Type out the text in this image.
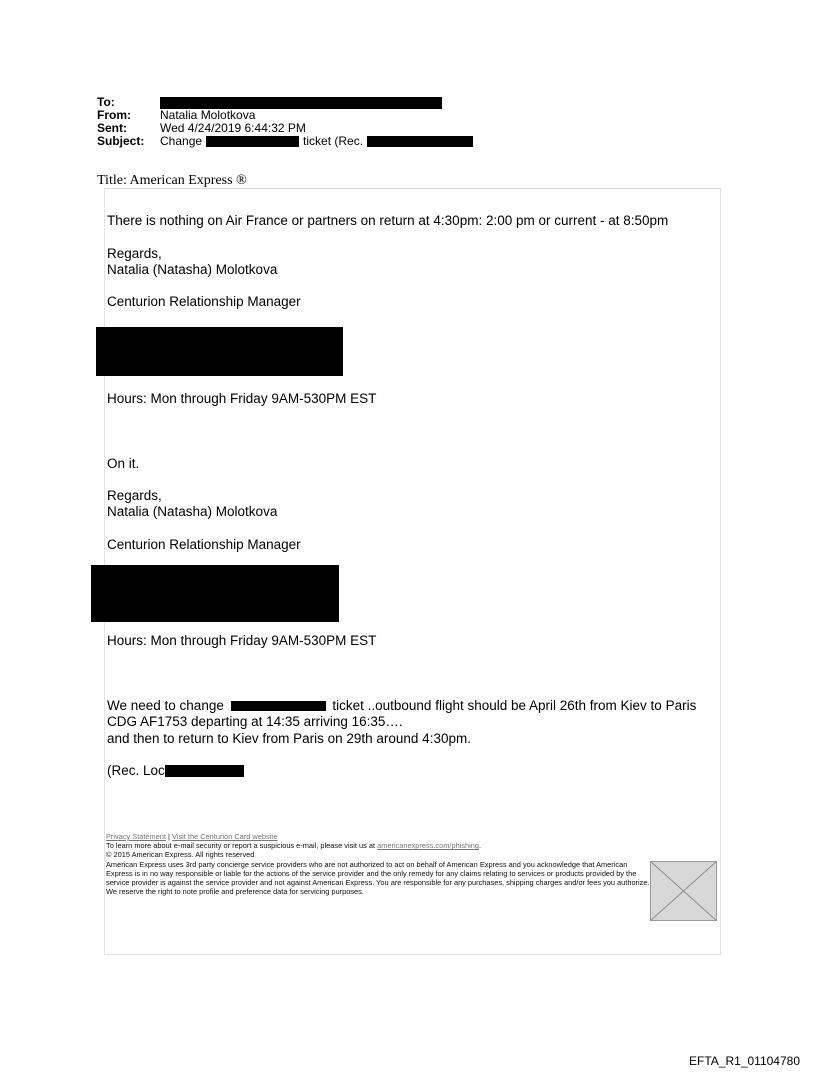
To:
From:	Natalia Molotkova
Sent:	Wed 4/24/2019 6:44:32 PM
Subject:	Change	ticket (Rec.
Title: American Express ®
There is nothing on Air France or partners on return at 4:30pm: 2:00 pm or current - at 8:50pm
Regards,
Natalia (Natasha) Molotkova
Centurion Relationship Manager
Hours: Mon through Friday 9AM-530PM EST
On it.
Regards,
Natalia (Natasha) Molotkova
Centurion Relationship Manager
Hours: Mon through Friday 9AM-530PM EST
We need to change	ticket ..outbound flight should be April 26th from Kiev to Paris
CDG AF1753 departing at 14:35 arriving 16:35….
and then to return to Kiev from Paris on 29th around 4:30pm.
(Rec. Loc
Privacy Statement | Visit the Centurion Card website
To learn more about e-mail security or report a suspicious e-mail, please visit us at americanexpress.com/phishing.
© 2015 American Express. All rights reserved
American Express uses 3rd party concierge service providers who are not authorized to act on behalf of American Express and you acknowledge that American Express is in no way responsible or liable for the actions of the service provider and the only remedy for any claims relating to services or products provided by the service provider is against the service provider and not against American Express. You are responsible for any purchases, shipping charges and/or fees you authorize. We reserve the right to note profile and preference data for servicing purposes.
EFTA_R1_01104780
